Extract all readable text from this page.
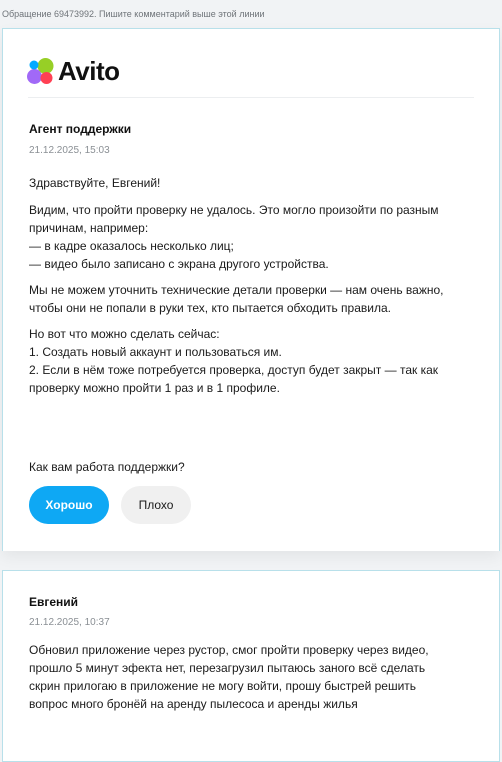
Обращение 69473992. Пишите комментарий выше этой линии
Avito
Агент поддержки
21.12.2025, 15:03

Здравствуйте, Евгений!

Видим, что пройти проверку не удалось. Это могло произойти по разным

причинам, например:

— в кадре оказалось несколько лиц;

— видео было записано с экрана другого устройства.

Мы не можем уточнить технические детали проверки — нам очень важно,

чтобы они не попали в руки тех, кто пытается обходить правила.

Но вот что можно сделать сейчас:

1. Создать новый аккаунт и пользоваться им.

2. Если в нём тоже потребуется проверка, доступ будет закрыт — так как

проверку можно пройти 1 раз и в 1 профиле.

Как вам работа поддержки?
Хорошо	Плохо
Евгений
21.12.2025, 10:37

Обновил приложение через рустор, смог пройти проверку через видео,

прошло 5 минут эфекта нет, перезагрузил пытаюсь заного всё сделать

скрин прилогаю в приложение не могу войти, прошу быстрей решить

вопрос много бронёй на аренду пылесоса и аренды жилья
